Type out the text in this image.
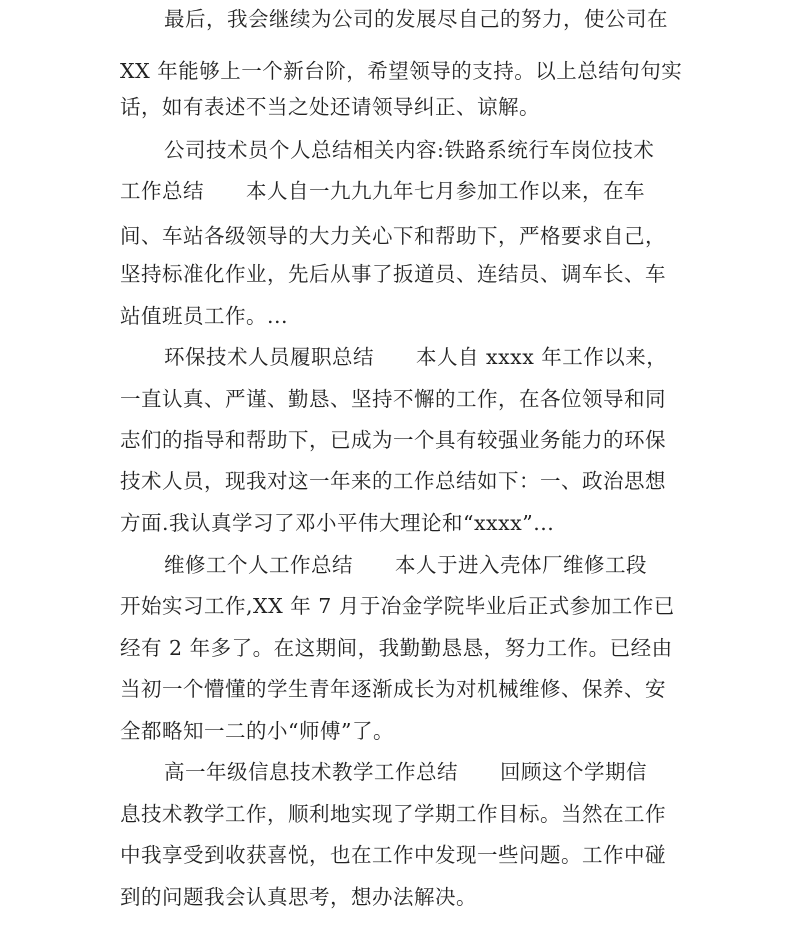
最后，我会继续为公司的发展尽自己的努力，使公司在
XX 年能够上一个新台阶，希望领导的支持。以上总结句句实
话，如有表述不当之处还请领导纠正、谅解。
公司技术员个人总结相关内容:铁路系统行车岗位技术
工作总结　　本人自一九九九年七月参加工作以来，在车
间、车站各级领导的大力关心下和帮助下，严格要求自己，
坚持标准化作业，先后从事了扳道员、连结员、调车长、车
站值班员工作。...
环保技术人员履职总结　　本人自 xxxx 年工作以来，
一直认真、严谨、勤恳、坚持不懈的工作，在各位领导和同
志们的指导和帮助下，已成为一个具有较强业务能力的环保
技术人员，现我对这一年来的工作总结如下：一、政治思想
方面.我认真学习了邓小平伟大理论和“xxxx”...
维修工个人工作总结　　本人于进入壳体厂维修工段
开始实习工作,XX 年 7 月于冶金学院毕业后正式参加工作已
经有 2 年多了。在这期间，我勤勤恳恳，努力工作。已经由
当初一个懵懂的学生青年逐渐成长为对机械维修、保养、安
全都略知一二的小“师傅”了。
高一年级信息技术教学工作总结　　回顾这个学期信
息技术教学工作，顺利地实现了学期工作目标。当然在工作
中我享受到收获喜悦，也在工作中发现一些问题。工作中碰
到的问题我会认真思考，想办法解决。
